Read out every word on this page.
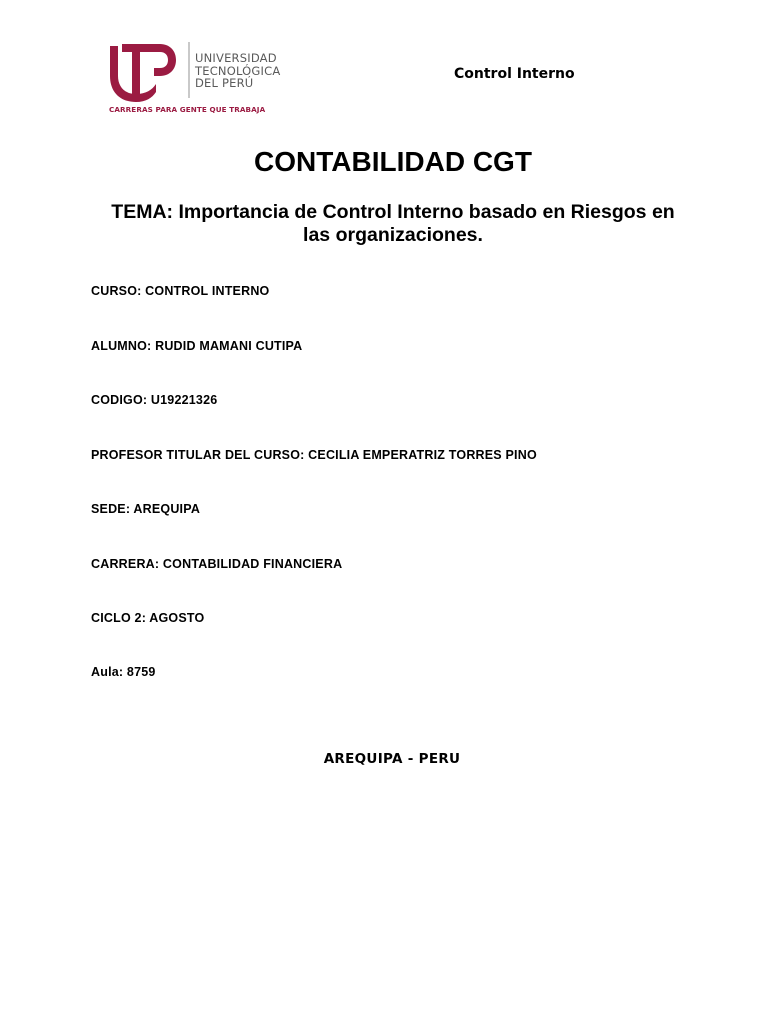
UNIVERSIDAD
TECNOLÓGICA
DEL PERÚ
CARRERAS PARA GENTE QUE TRABAJA
Control Interno
CONTABILIDAD CGT
TEMA: Importancia de Control Interno basado en Riesgos en las organizaciones.
CURSO: CONTROL INTERNO
ALUMNO: RUDID MAMANI CUTIPA
CODIGO: U19221326
PROFESOR TITULAR DEL CURSO: CECILIA EMPERATRIZ TORRES PINO
SEDE: AREQUIPA
CARRERA: CONTABILIDAD FINANCIERA
CICLO 2: AGOSTO
Aula: 8759
AREQUIPA - PERU
